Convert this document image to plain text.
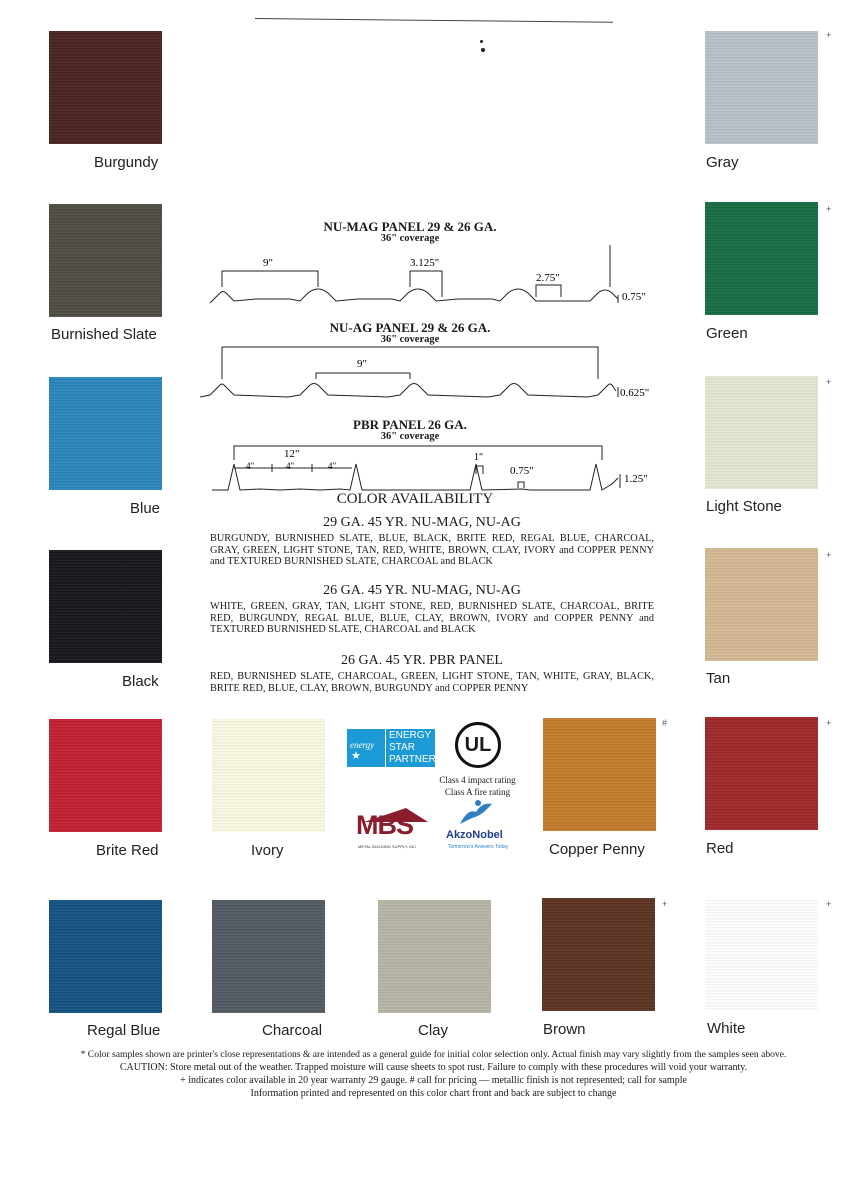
Burgundy
Burnished Slate
Blue
Black
Brite Red
Regal Blue
+
Gray
+
Green
+
Light Stone
+
Tan
+
Red
+
White
Ivory
#
Copper Penny
Charcoal	Clay
+
Brown
NU-MAG PANEL 29 & 26 GA.
36" coverage
9"	3.125"
2.75"
0.75"
NU-AG PANEL 29 & 26 GA.
36" coverage
9"
0.625"
PBR PANEL 26 GA.
36" coverage
12"
4"	4"	4"
1"
0.75"
1.25"
COLOR AVAILABILITY
29 GA. 45 YR. NU-MAG, NU-AG
BURGUNDY, BURNISHED SLATE, BLUE, BLACK, BRITE RED, REGAL BLUE, CHARCOAL, GRAY, GREEN, LIGHT STONE, TAN, RED, WHITE, BROWN, CLAY, IVORY and COPPER PENNY and TEXTURED BURNISHED SLATE, CHARCOAL and BLACK
26 GA. 45 YR. NU-MAG, NU-AG
WHITE, GREEN, GRAY, TAN, LIGHT STONE, RED, BURNISHED SLATE, CHARCOAL, BRITE RED, BURGUNDY, REGAL BLUE, BLUE, CLAY, BROWN, IVORY and COPPER PENNY and TEXTURED BURNISHED SLATE, CHARCOAL and BLACK
26 GA. 45 YR. PBR PANEL
RED, BURNISHED SLATE, CHARCOAL, GREEN, LIGHT STONE, TAN, WHITE, GRAY, BLACK, BRITE RED, BLUE, CLAY, BROWN, BURGUNDY and COPPER PENNY
energy
★
ENERGY
STAR
PARTNER
UL
Class 4 impact rating
Class A fire rating
MBS
METAL BUILDING SUPPLY, INC
AkzoNobel
Tomorrow's Answers Today
* Color samples shown are printer's close representations & are intended as a general guide for initial color selection only. Actual finish may vary slightly from the samples seen above.
CAUTION: Store metal out of the weather. Trapped moisture will cause sheets to spot rust. Failure to comply with these procedures will void your warranty.
+ indicates color available in 20 year warranty 29 gauge. # call for pricing — metallic finish is not represented; call for sample
Information printed and represented on this color chart front and back are subject to change
